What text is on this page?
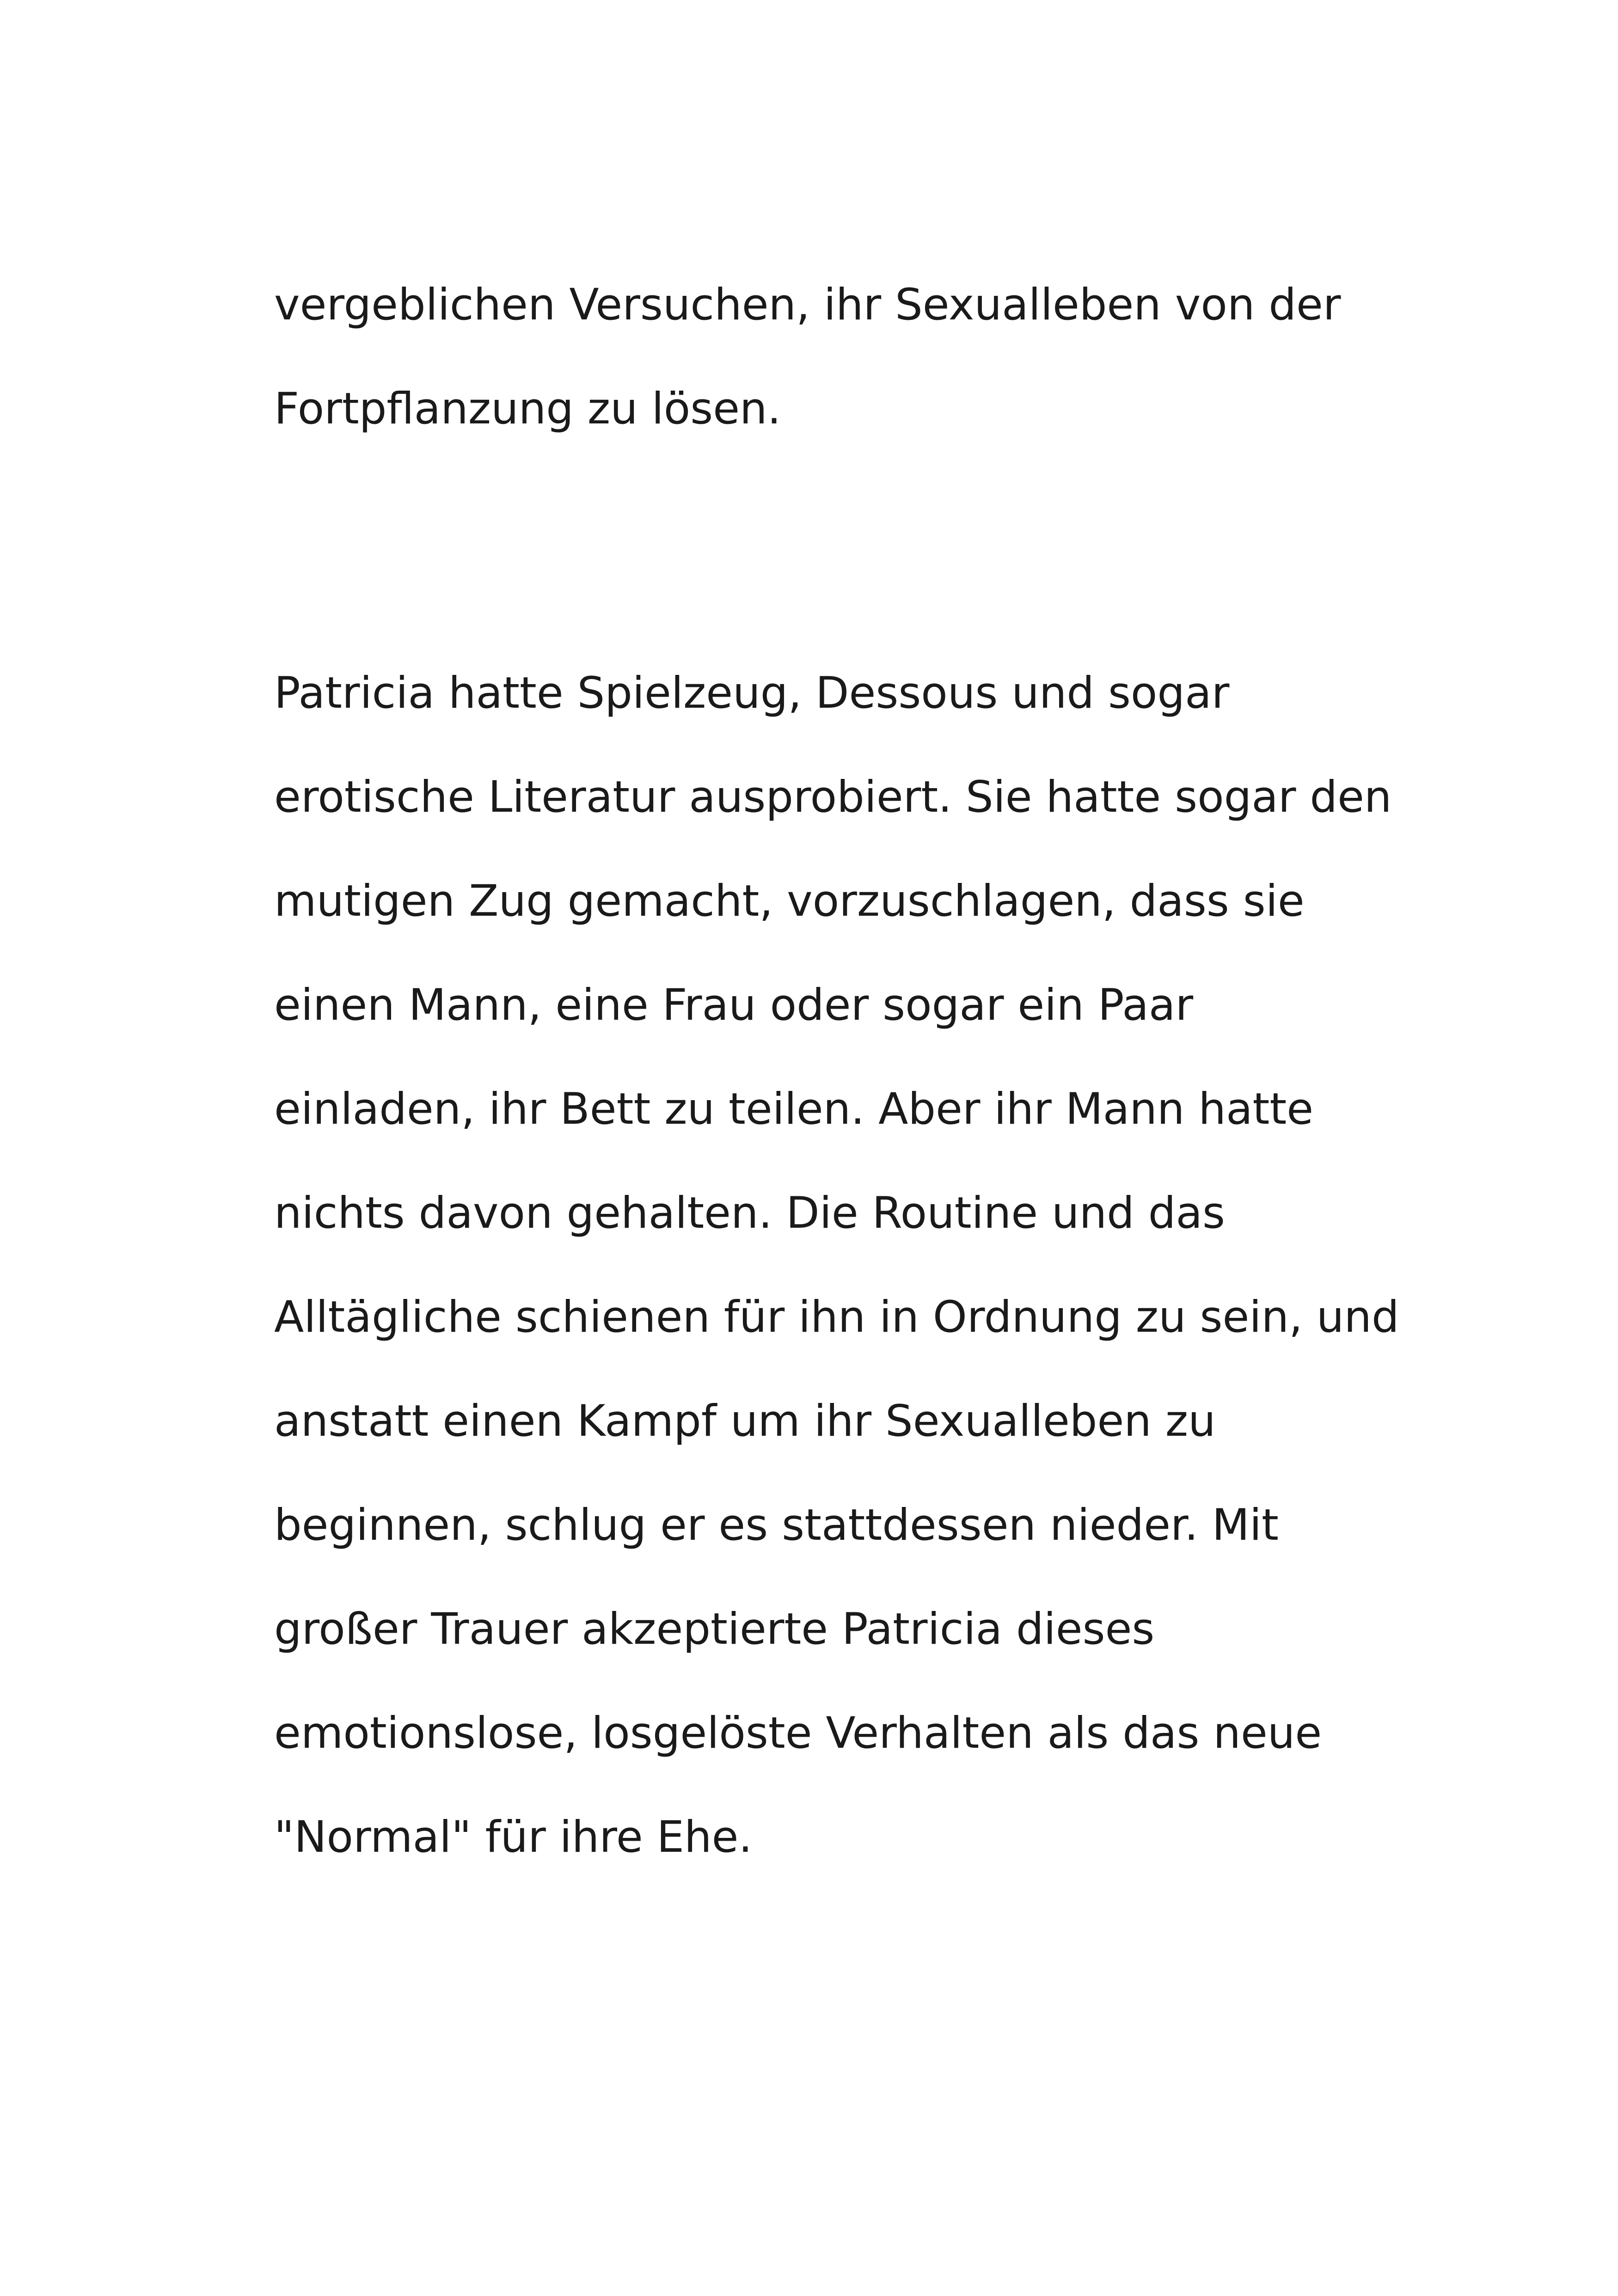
vergeblichen Versuchen, ihr Sexualleben von der

Fortpflanzung zu lösen.

Patricia hatte Spielzeug, Dessous und sogar

erotische Literatur ausprobiert. Sie hatte sogar den

mutigen Zug gemacht, vorzuschlagen, dass sie

einen Mann, eine Frau oder sogar ein Paar

einladen, ihr Bett zu teilen. Aber ihr Mann hatte

nichts davon gehalten. Die Routine und das

Alltägliche schienen für ihn in Ordnung zu sein, und

anstatt einen Kampf um ihr Sexualleben zu

beginnen, schlug er es stattdessen nieder. Mit

großer Trauer akzeptierte Patricia dieses

emotionslose, losgelöste Verhalten als das neue

"Normal" für ihre Ehe.
